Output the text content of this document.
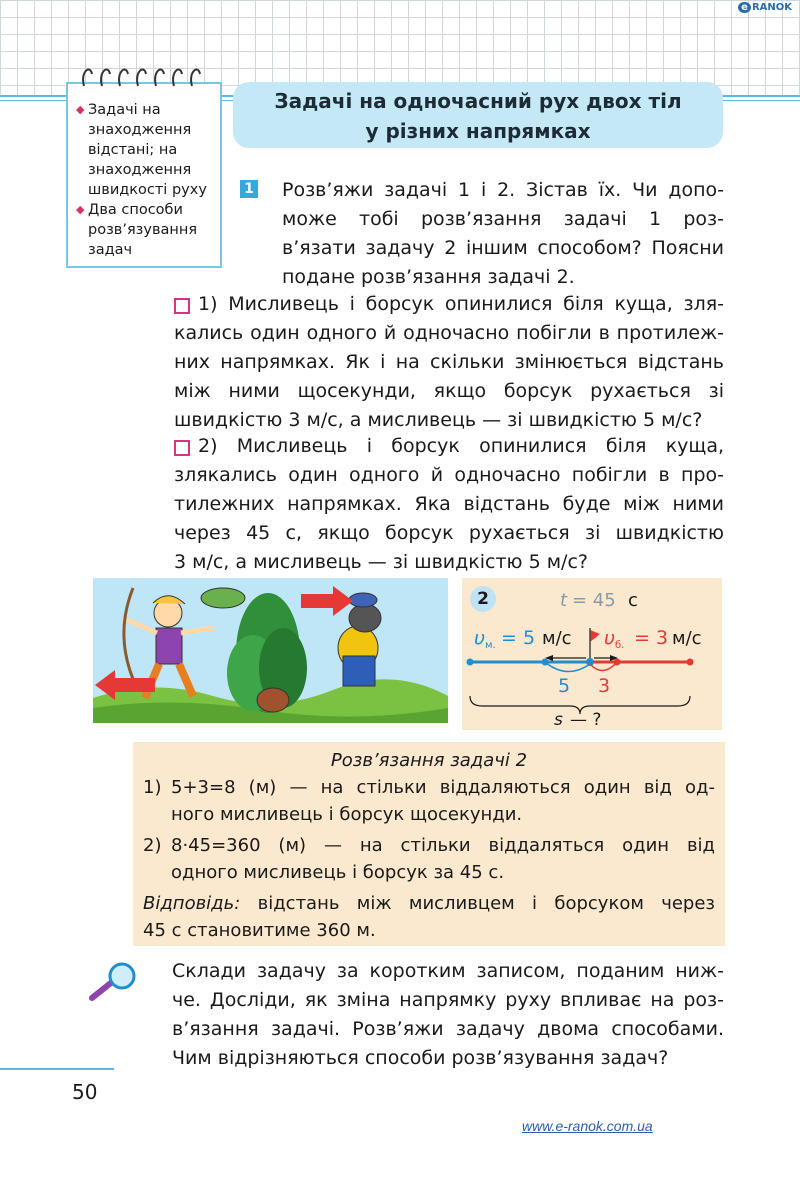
e RANOK
◆ Задачі на знаходження відстані; на знаходження швидкості руху
◆ Два способи розв’язування задач
Задачі на одночасний рух двох тіл
у різних напрямках
1 Розв’яжи задачі 1 і 2. Зістав їх. Чи допо-
може тобі розв’язання задачі 1 роз-
в’язати задачу 2 іншим способом? Поясни
подане розв’язання задачі 2.
1) Мисливець і борсук опинилися біля куща, зля-
кались один одного й одночасно побігли в протилеж-
них напрямках. Як і на скільки змінюється відстань
між ними щосекунди, якщо борсук рухається зі
швидкістю 3 м/с, а мисливець — зі швидкістю 5 м/с?
2) Мисливець і борсук опинилися біля куща,
злякались один одного й одночасно побігли в про-
тилежних напрямках. Яка відстань буде між ними
через 45 с, якщо борсук рухається зі швидкістю
3 м/с, а мисливець — зі швидкістю 5 м/с?
2	t = 45 с
υ м. = 5 м/с υ б. = 3 м/с
5 3
s — ?
Розв’язання задачі 2
1) 5+3=8 (м) — на стільки віддаляються один від од-
ного мисливець і борсук щосекунди.
2) 8·45=360 (м) — на стільки віддаляться один від
одного мисливець і борсук за 45 с.
Відповідь: відстань між мисливцем і борсуком через
45 с становитиме 360 м.
Склади задачу за коротким записом, поданим ниж-
че. Досліди, як зміна напрямку руху впливає на роз-
в’язання задачі. Розв’яжи задачу двома способами.
Чим відрізняються способи розв’язування задач?
50
www.e-ranok.com.ua
